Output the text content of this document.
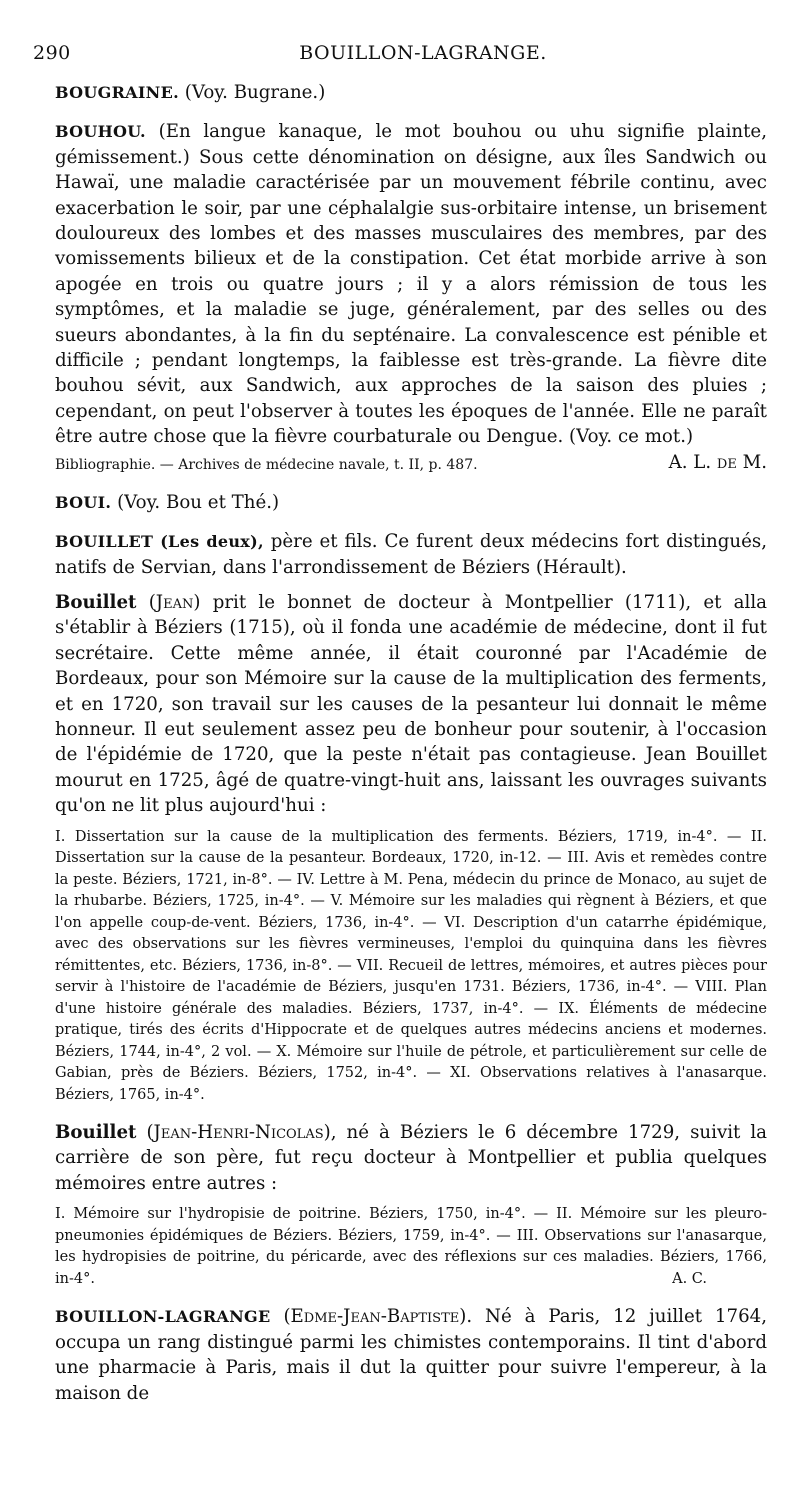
290	BOUILLON-LAGRANGE.

BOUGRAINE. (Voy. Bugrane.)

BOUHOU. (En langue kanaque, le mot bouhou ou uhu signifie plainte, gémissement.) Sous cette dénomination on désigne, aux îles Sandwich ou Hawaï, une maladie caractérisée par un mouvement fébrile continu, avec exacerbation le soir, par une céphalalgie sus-orbitaire intense, un brisement douloureux des lombes et des masses musculaires des membres, par des vomissements bilieux et de la constipation. Cet état morbide arrive à son apogée en trois ou quatre jours ; il y a alors rémission de tous les symptômes, et la maladie se juge, généralement, par des selles ou des sueurs abondantes, à la fin du septénaire. La convalescence est pénible et difficile ; pendant longtemps, la faiblesse est très-grande. La fièvre dite bouhou sévit, aux Sandwich, aux approches de la saison des pluies ; cependant, on peut l'observer à toutes les époques de l'année. Elle ne paraît être autre chose que la fièvre courbaturale ou Dengue. (Voy. ce mot.)
A. L. de M.

Bibliographie. — Archives de médecine navale, t. II, p. 487.

BOUI. (Voy. Bou et Thé.)

BOUILLET (Les deux), père et fils. Ce furent deux médecins fort distingués, natifs de Servian, dans l'arrondissement de Béziers (Hérault).

Bouillet (Jean) prit le bonnet de docteur à Montpellier (1711), et alla s'établir à Béziers (1715), où il fonda une académie de médecine, dont il fut secrétaire. Cette même année, il était couronné par l'Académie de Bordeaux, pour son Mémoire sur la cause de la multiplication des ferments, et en 1720, son travail sur les causes de la pesanteur lui donnait le même honneur. Il eut seulement assez peu de bonheur pour soutenir, à l'occasion de l'épidémie de 1720, que la peste n'était pas contagieuse. Jean Bouillet mourut en 1725, âgé de quatre-vingt-huit ans, laissant les ouvrages suivants qu'on ne lit plus aujourd'hui :

I. Dissertation sur la cause de la multiplication des ferments. Béziers, 1719, in-4°. — II. Dissertation sur la cause de la pesanteur. Bordeaux, 1720, in-12. — III. Avis et remèdes contre la peste. Béziers, 1721, in-8°. — IV. Lettre à M. Pena, médecin du prince de Monaco, au sujet de la rhubarbe. Béziers, 1725, in-4°. — V. Mémoire sur les maladies qui règnent à Béziers, et que l'on appelle coup-de-vent. Béziers, 1736, in-4°. — VI. Description d'un catarrhe épidémique, avec des observations sur les fièvres vermineuses, l'emploi du quinquina dans les fièvres rémittentes, etc. Béziers, 1736, in-8°. — VII. Recueil de lettres, mémoires, et autres pièces pour servir à l'histoire de l'académie de Béziers, jusqu'en 1731. Béziers, 1736, in-4°. — VIII. Plan d'une histoire générale des maladies. Béziers, 1737, in-4°. — IX. Éléments de médecine pratique, tirés des écrits d'Hippocrate et de quelques autres médecins anciens et modernes. Béziers, 1744, in-4°, 2 vol. — X. Mémoire sur l'huile de pétrole, et particulièrement sur celle de Gabian, près de Béziers. Béziers, 1752, in-4°. — XI. Observations relatives à l'anasarque. Béziers, 1765, in-4°.

Bouillet (Jean-Henri-Nicolas), né à Béziers le 6 décembre 1729, suivit la carrière de son père, fut reçu docteur à Montpellier et publia quelques mémoires entre autres :

I. Mémoire sur l'hydropisie de poitrine. Béziers, 1750, in-4°. — II. Mémoire sur les pleuro-pneumonies épidémiques de Béziers. Béziers, 1759, in-4°. — III. Observations sur l'anasarque, les hydropisies de poitrine, du péricarde, avec des réflexions sur ces maladies. Béziers, 1766, in-4°.	A. C.

BOUILLON-LAGRANGE (Edme-Jean-Baptiste). Né à Paris, 12 juillet 1764, occupa un rang distingué parmi les chimistes contemporains. Il tint d'abord une pharmacie à Paris, mais il dut la quitter pour suivre l'empereur, à la maison de
